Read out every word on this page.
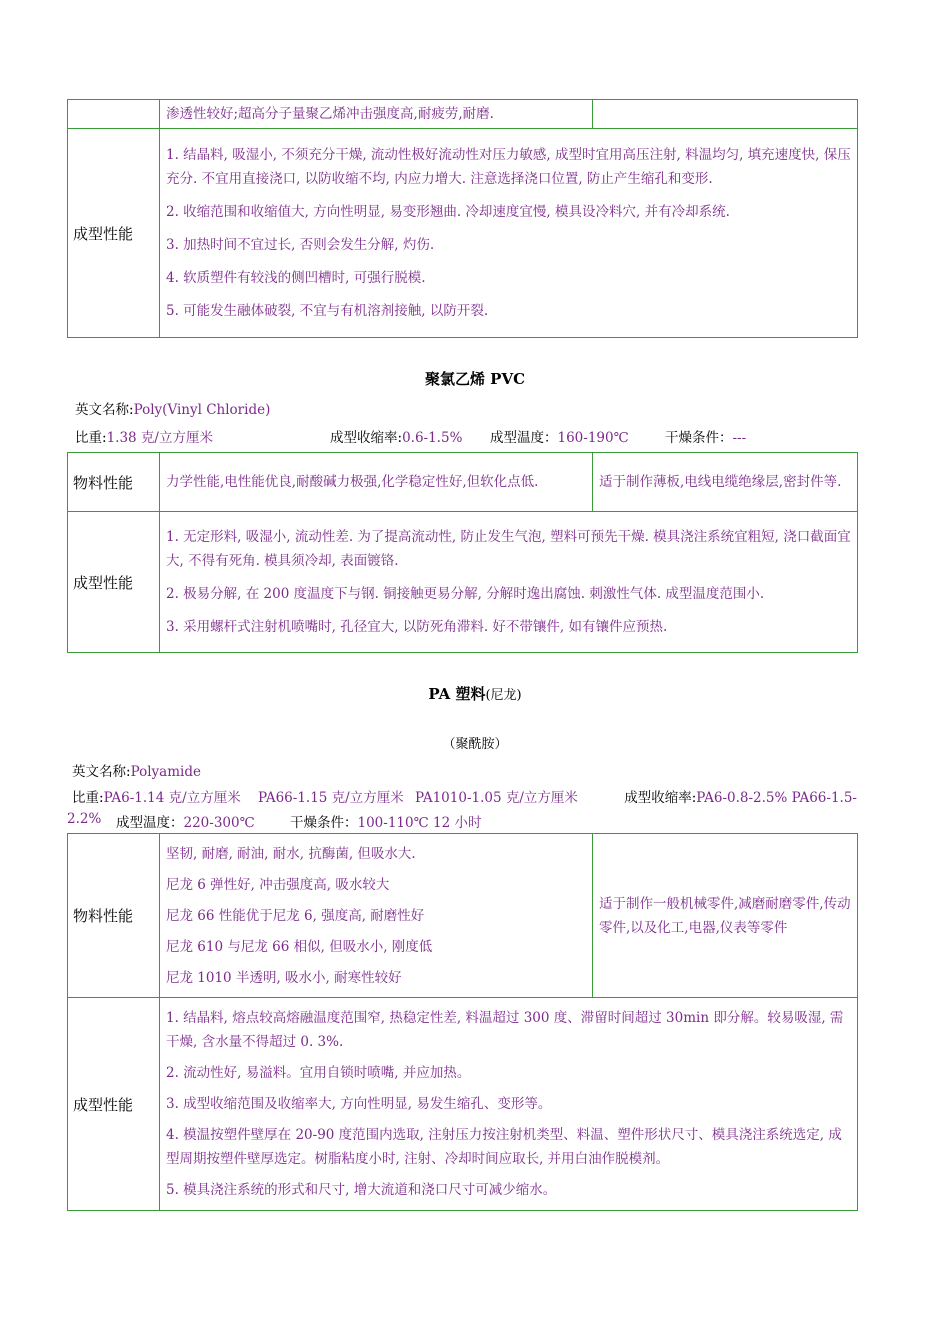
	渗透性较好;超高分子量聚乙烯冲击强度高,耐疲劳,耐磨.	

成型性能	1. 结晶料, 吸湿小, 不须充分干燥, 流动性极好流动性对压力敏感, 成型时宜用高压注射, 料温均匀, 填充速度快, 保压充分. 不宜用直接浇口, 以防收缩不均, 内应力增大. 注意选择浇口位置, 防止产生缩孔和变形.

2. 收缩范围和收缩值大, 方向性明显, 易变形翘曲. 冷却速度宜慢, 模具设冷料穴, 并有冷却系统.

3. 加热时间不宜过长, 否则会发生分解, 灼伤.

4. 软质塑件有较浅的侧凹槽时, 可强行脱模.

5. 可能发生融体破裂, 不宜与有机溶剂接触, 以防开裂.	

聚氯乙烯 PVC
英文名称:Poly(Vinyl Chloride)
比重:1.38 克/立方厘米	成型收缩率:0.6-1.5% 成型温度：160-190℃	干燥条件：---
物料性能	力学性能,电性能优良,耐酸碱力极强,化学稳定性好,但软化点低.	适于制作薄板,电线电缆绝缘层,密封件等.

成型性能	1. 无定形料, 吸湿小, 流动性差. 为了提高流动性, 防止发生气泡, 塑料可预先干燥. 模具浇注系统宜粗短, 浇口截面宜大, 不得有死角. 模具须冷却, 表面镀铬.

2. 极易分解, 在 200 度温度下与钢. 铜接触更易分解, 分解时逸出腐蚀. 刺激性气体. 成型温度范围小.

3. 采用螺杆式注射机喷嘴时, 孔径宜大, 以防死角滞料. 好不带镶件, 如有镶件应预热.	

PA 塑料(尼龙)
（聚酰胺）
英文名称:Polyamide
比重:PA6-1.14 克/立方厘米 PA66-1.15 克/立方厘米 PA1010-1.05 克/立方厘米	成型收缩率:PA6-0.8-2.5% PA66-1.5-
2.2% 成型温度：220-300℃	干燥条件：100-110℃ 12 小时
物料性能	坚韧, 耐磨, 耐油, 耐水, 抗酶菌, 但吸水大.

尼龙 6 弹性好, 冲击强度高, 吸水较大

尼龙 66 性能优于尼龙 6, 强度高, 耐磨性好

尼龙 610 与尼龙 66 相似, 但吸水小, 刚度低

尼龙 1010 半透明, 吸水小, 耐寒性较好	适于制作一般机械零件,减磨耐磨零件,传动零件,以及化工,电器,仪表等零件

成型性能	1. 结晶料, 熔点较高熔融温度范围窄, 热稳定性差, 料温超过 300 度、滞留时间超过 30min 即分解。较易吸湿, 需干燥, 含水量不得超过 0. 3%.

2. 流动性好, 易溢料。宜用自锁时喷嘴, 并应加热。

3. 成型收缩范围及收缩率大, 方向性明显, 易发生缩孔、变形等。

4. 模温按塑件壁厚在 20-90 度范围内选取, 注射压力按注射机类型、料温、塑件形状尺寸、模具浇注系统选定, 成型周期按塑件壁厚选定。树脂粘度小时, 注射、冷却时间应取长, 并用白油作脱模剂。

5. 模具浇注系统的形式和尺寸, 增大流道和浇口尺寸可减少缩水。	
